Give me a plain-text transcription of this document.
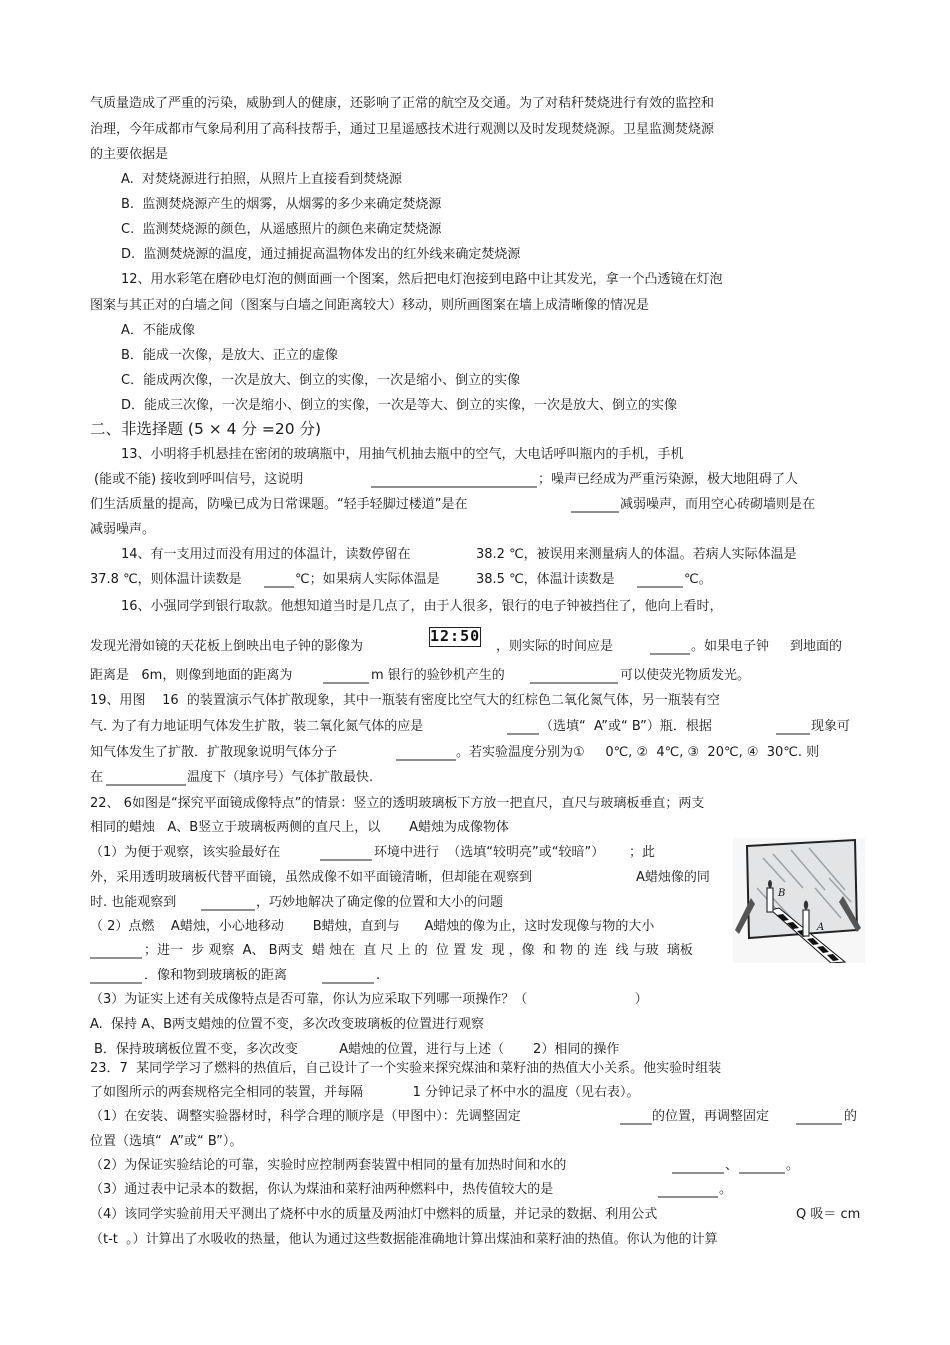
气质量造成了严重的污染，威胁到人的健康，还影响了正常的航空及交通。为了对秸秆焚烧进行有效的监控和
治理，今年成都市气象局利用了高科技帮手，通过卫星遥感技术进行观测以及时发现焚烧源。卫星监测焚烧源
的主要依据是
A.  对焚烧源进行拍照，从照片上直接看到焚烧源
B.  监测焚烧源产生的烟雾，从烟雾的多少来确定焚烧源
C.  监测焚烧源的颜色，从遥感照片的颜色来确定焚烧源
D.  监测焚烧源的温度，通过捕捉高温物体发出的红外线来确定焚烧源
12、用水彩笔在磨砂电灯泡的侧面画一个图案，然后把电灯泡接到电路中让其发光，拿一个凸透镜在灯泡
图案与其正对的白墙之间（图案与白墙之间距离较大）移动，则所画图案在墙上成清晰像的情况是
A．不能成像
B．能成一次像，是放大、正立的虚像
C．能成两次像，一次是放大、倒立的实像，一次是缩小、倒立的实像
D．能成三次像，一次是缩小、倒立的实像，一次是等大、倒立的实像，一次是放大、倒立的实像
二、非选择题 (5 × 4 分 =20 分)
13、小明将手机悬挂在密闭的玻璃瓶中，用抽气机抽去瓶中的空气，大电话呼叫瓶内的手机，手机
(能或不能) 接收到呼叫信号，这说明	；噪声已经成为严重污染源，极大地阻碍了人
们生活质量的提高，防噪已成为日常课题。“轻手轻脚过楼道”是在	减弱噪声，而用空心砖砌墙则是在
减弱噪声。
14、有一支用过而没有用过的体温计，读数停留在	38.2 ℃，被误用来测量病人的体温。若病人实际体温是
37.8 ℃，则体温计读数是	℃；如果病人实际体温是	38.5 ℃，体温计读数是	℃。
16、小强同学到银行取款。他想知道当时是几点了，由于人很多，银行的电子钟被挡住了，他向上看时，
发现光滑如镜的天花板上倒映出电子钟的影像为
12:50
，则实际的时间应是	。如果电子钟 到地面的
距离是   6m，则像到地面的距离为	m 银行的验钞机产生的	可以使荧光物质发光。
19、用图    16  的装置演示气体扩散现象，其中一瓶装有密度比空气大的红棕色二氧化氮气体，另一瓶装有空
气. 为了有力地证明气体发生扩散，装二氧化氮气体的应是	（选填“  A”或“ B”）瓶．根据	现象可
知气体发生了扩散．扩散现象说明气体分子	。若实验温度分别为①     0℃, ②  4℃, ③  20℃, ④  30℃. 则
在	温度下（填序号）气体扩散最快.
22、 6如图是“探究平面镜成像特点”的情景：竖立的透明玻璃板下方放一把直尺，直尺与玻璃板垂直；两支
相同的蜡烛   A、B竖立于玻璃板两侧的直尺上，以       A蜡烛为成像物体
（1）为便于观察，该实验最好在	环境中进行  （选填“较明亮”或“较暗”）      ；此
外，采用透明玻璃板代替平面镜，虽然成像不如平面镜清晰，但却能在观察到	A蜡烛像的同
时. 也能观察到	，巧妙地解决了确定像的位置和大小的问题
（ 2）点燃    A蜡烛，小心地移动       B蜡烛，直到与      A蜡烛的像为止，这时发现像与物的大小
；进一  步 观察  A、 B两支  蜡 烛在  直 尺 上 的  位 置 发  现 ，像  和 物 的 连  线 与玻  璃板
．像和物到玻璃板的距离	.
（3）为证实上述有关成像特点是否可靠，你认为应采取下列哪一项操作？（                          ）
A.  保持 A、B两支蜡烛的位置不变，多次改变玻璃板的位置进行观察
B．保持玻璃板位置不变，多次改变          A蜡烛的位置，进行与上述（       2）相同的操作
B
A
23．7  某同学学习了燃料的热值后，自己设计了一个实验来探究煤油和菜籽油的热值大小关系。他实验时组装
了如图所示的两套规格完全相同的装置，并每隔            1 分钟记录了杯中水的温度（见右表）。
（1）在安装、调整实验器材时，科学合理的顺序是（甲图中）：先调整固定	的位置，再调整固定	的
位置（选填“  A”或“ B”）。
（2）为保证实验结论的可靠，实验时应控制两套装置中相同的量有加热时间和水的	、	。
（3）通过表中记录本的数据，你认为煤油和菜籽油两种燃料中，热传值较大的是	。
（4）该同学实验前用天平测出了烧杯中水的质量及两油灯中燃料的质量，并记录的数据、利用公式	Q 吸＝ cm
（t-t  。）计算出了水吸收的热量，他认为通过这些数据能准确地计算出煤油和菜籽油的热值。你认为他的计算
